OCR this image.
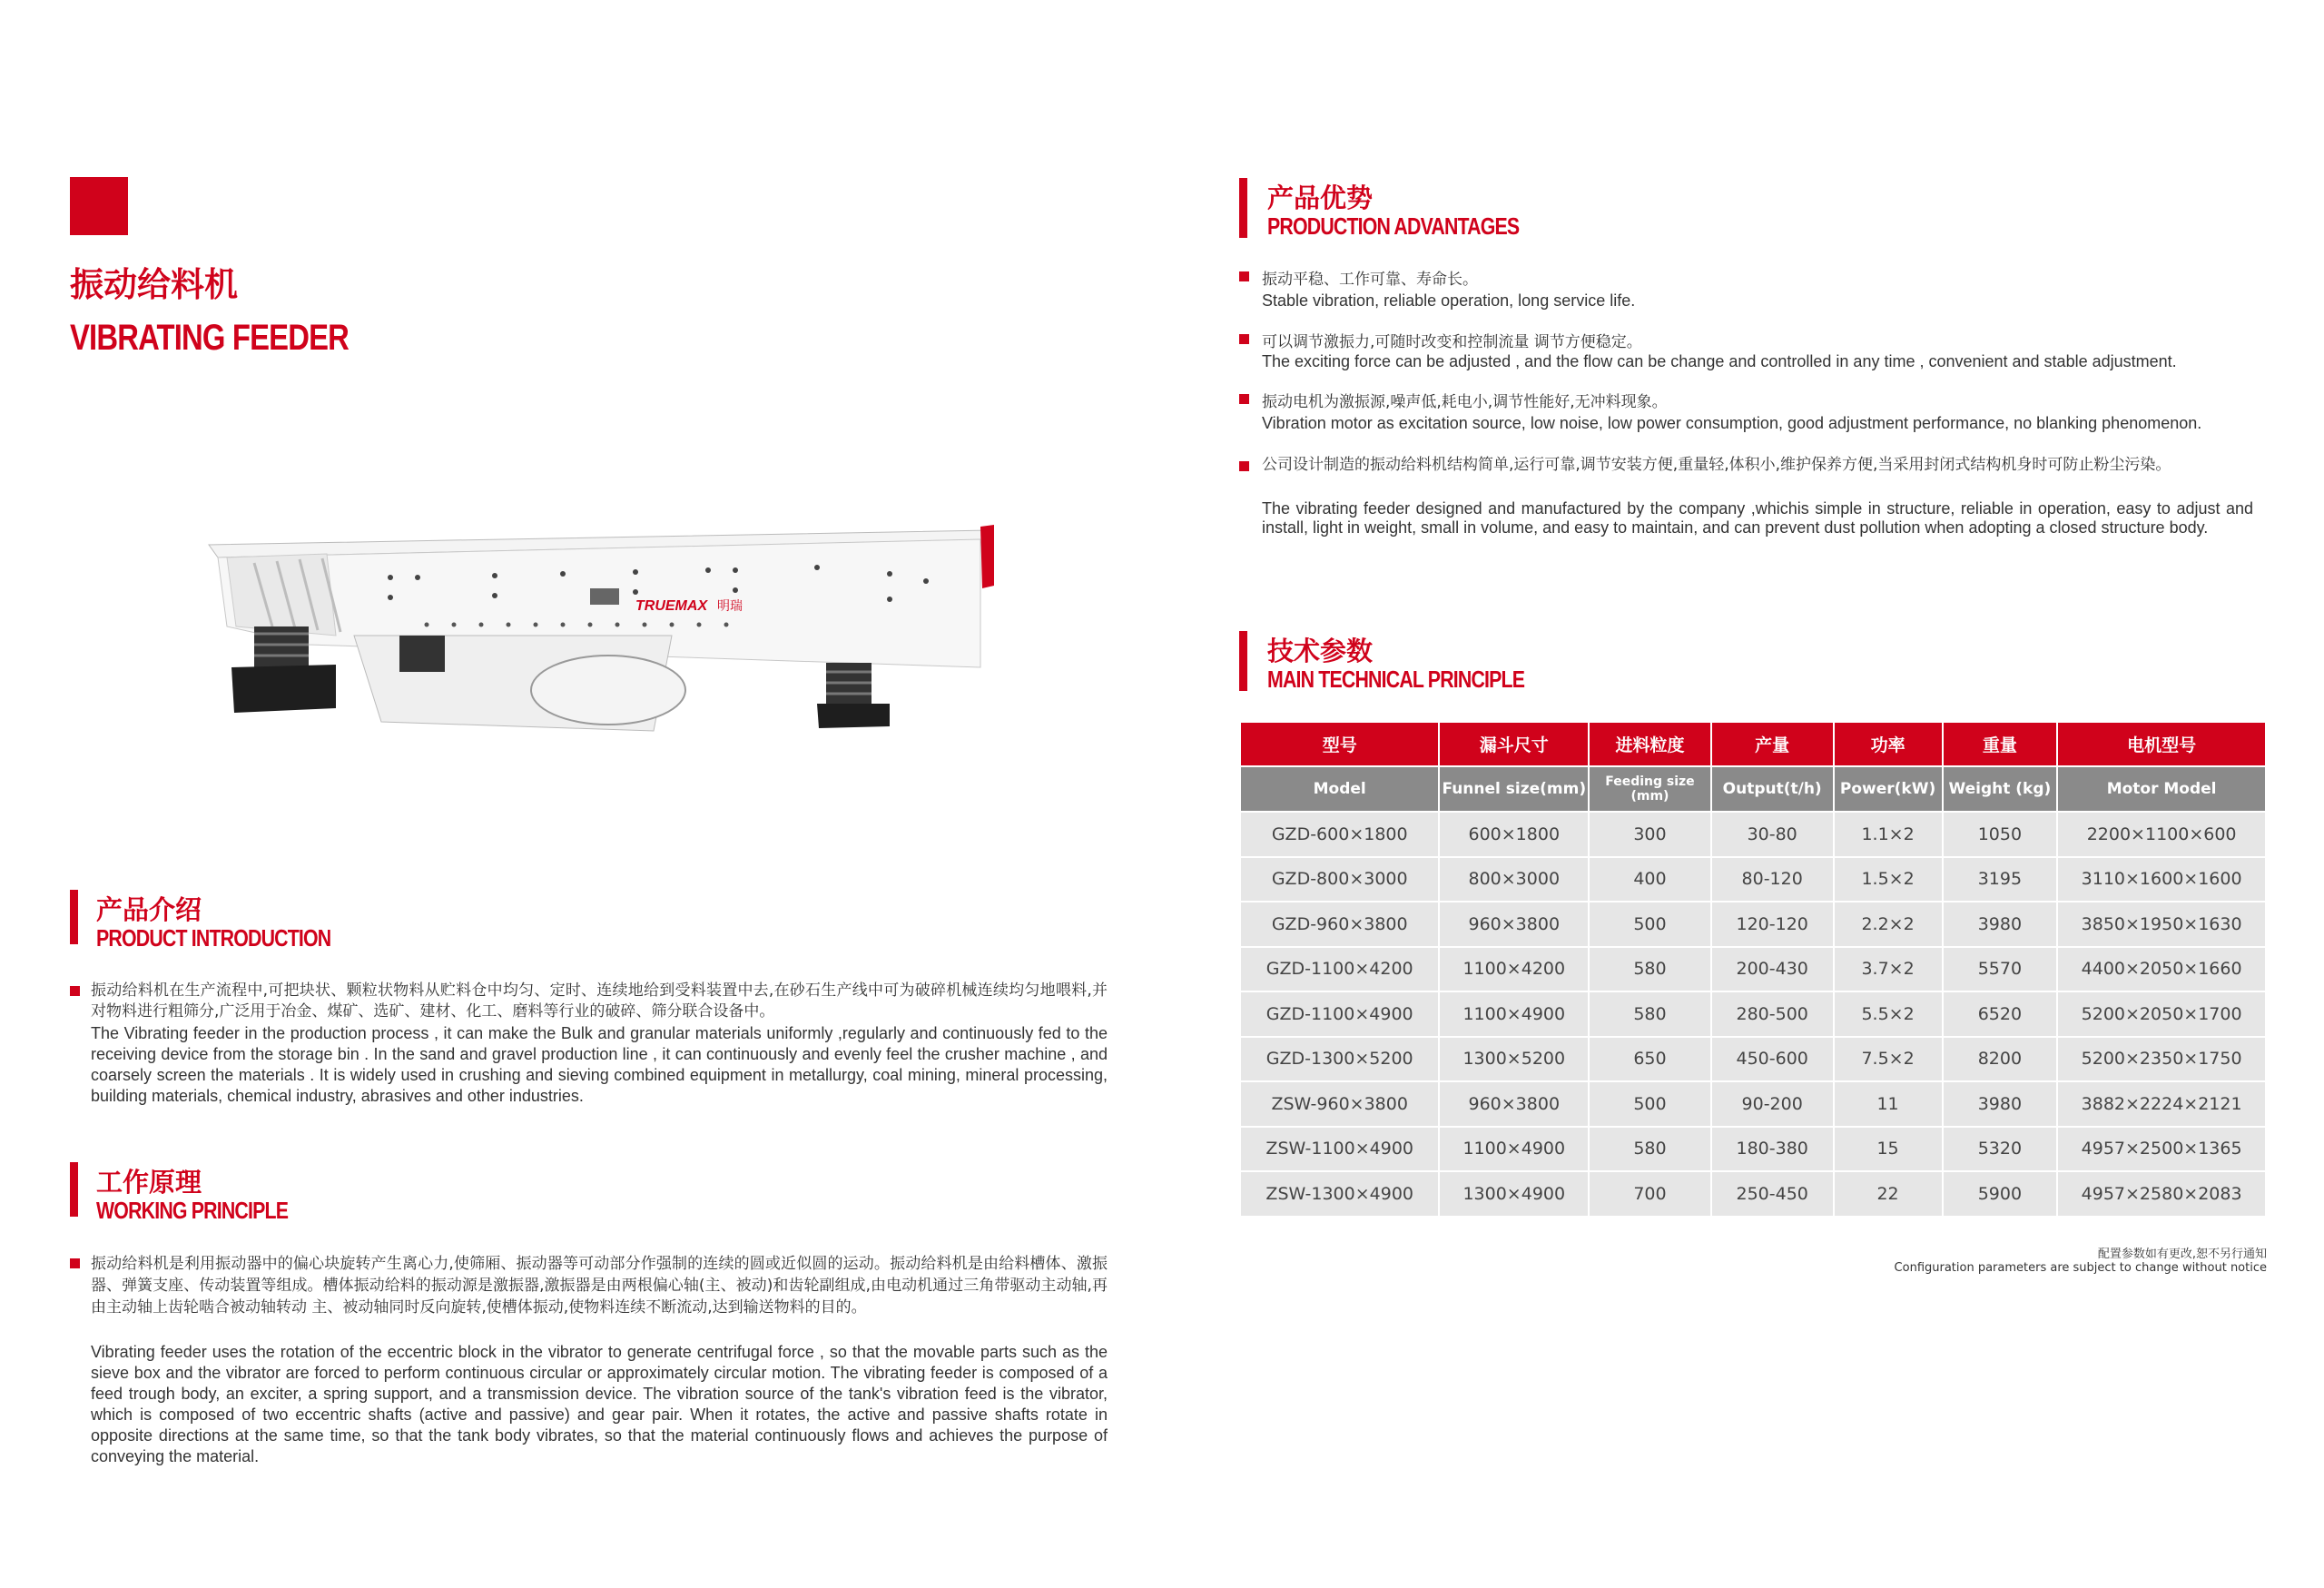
振动给料机
VIBRATING FEEDER
TRUEMAX 明瑞
产品介绍
PRODUCT INTRODUCTION
振动给料机在生产流程中,可把块状、颗粒状物料从贮料仓中均匀、定时、连续地给到受料装置中去,在砂石生产线中可为破碎机械连续均匀地喂料,并对物料进行粗筛分,广泛用于冶金、煤矿、选矿、建材、化工、磨料等行业的破碎、筛分联合设备中。
The Vibrating feeder in the production process , it can make the Bulk and granular materials uniformly ,regularly and continuously fed to the receiving device from the storage bin . In the sand and gravel production line , it can continuously and evenly feel the crusher machine , and coarsely screen the materials . It is widely used in crushing and sieving combined equipment in metallurgy, coal mining, mineral processing, building materials, chemical industry, abrasives and other industries.
工作原理
WORKING PRINCIPLE
振动给料机是利用振动器中的偏心块旋转产生离心力,使筛厢、振动器等可动部分作强制的连续的圆或近似圆的运动。振动给料机是由给料槽体、激振器、弹簧支座、传动装置等组成。槽体振动给料的振动源是激振器,激振器是由两根偏心轴(主、被动)和齿轮副组成,由电动机通过三角带驱动主动轴,再由主动轴上齿轮啮合被动轴转动 主、被动轴同时反向旋转,使槽体振动,使物料连续不断流动,达到输送物料的目的。
Vibrating feeder uses the rotation of the eccentric block in the vibrator to generate centrifugal force , so that the movable parts such as the sieve box and the vibrator are forced to perform continuous circular or approximately circular motion. The vibrating feeder is composed of a feed trough body, an exciter, a spring support, and a transmission device. The vibration source of the tank's vibration feed is the vibrator, which is composed of two eccentric shafts (active and passive) and gear pair. When it rotates, the active and passive shafts rotate in opposite directions at the same time, so that the tank body vibrates, so that the material continuously flows and achieves the purpose of conveying the material.
产品优势
PRODUCTION ADVANTAGES
振动平稳、工作可靠、寿命长。
Stable vibration, reliable operation, long service life.
可以调节激振力,可随时改变和控制流量 调节方便稳定。
The exciting force can be adjusted , and the flow can be change and controlled in any time , convenient and stable adjustment.
振动电机为激振源,噪声低,耗电小,调节性能好,无冲料现象。
Vibration motor as excitation source, low noise, low power consumption, good adjustment performance, no blanking phenomenon.
公司设计制造的振动给料机结构简单,运行可靠,调节安装方便,重量轻,体积小,维护保养方便,当采用封闭式结构机身时可防止粉尘污染。
The vibrating feeder designed and manufactured by the company ,whichis simple in structure, reliable in operation, easy to adjust and install, light in weight, small in volume, and easy to maintain, and can prevent dust pollution when adopting a closed structure body.
技术参数
MAIN TECHNICAL PRINCIPLE
型号	漏斗尺寸	进料粒度	产量	功率	重量	电机型号
Model	Funnel size(mm)	Feeding size (mm)	Output(t/h)	Power(kW)	Weight (kg)	Motor Model
GZD-600×1800	600×1800	300	30-80	1.1×2	1050	2200×1100×600
GZD-800×3000	800×3000	400	80-120	1.5×2	3195	3110×1600×1600
GZD-960×3800	960×3800	500	120-120	2.2×2	3980	3850×1950×1630
GZD-1100×4200	1100×4200	580	200-430	3.7×2	5570	4400×2050×1660
GZD-1100×4900	1100×4900	580	280-500	5.5×2	6520	5200×2050×1700
GZD-1300×5200	1300×5200	650	450-600	7.5×2	8200	5200×2350×1750
ZSW-960×3800	960×3800	500	90-200	11	3980	3882×2224×2121
ZSW-1100×4900	1100×4900	580	180-380	15	5320	4957×2500×1365
ZSW-1300×4900	1300×4900	700	250-450	22	5900	4957×2580×2083
配置参数如有更改,恕不另行通知
Configuration parameters are subject to change without notice
